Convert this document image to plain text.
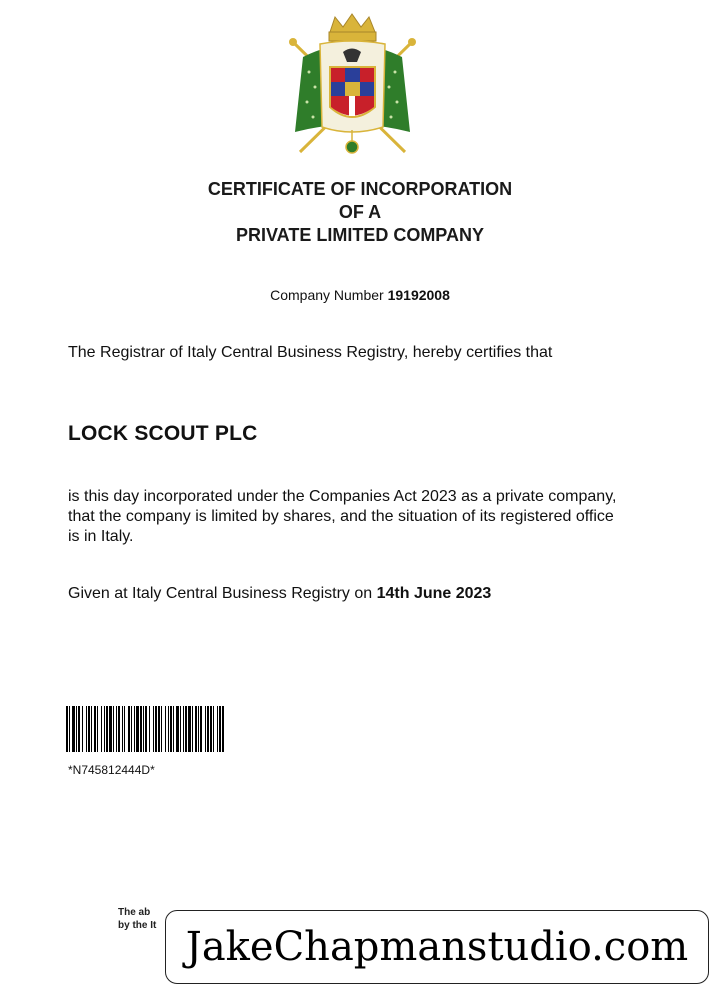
CERTIFICATE OF INCORPORATION
OF A
PRIVATE LIMITED COMPANY
Company Number 19192008
The Registrar of Italy Central Business Registry, hereby certifies that
LOCK SCOUT PLC
is this day incorporated under the Companies Act 2023 as a private company, that the company is limited by shares, and the situation of its registered office is in Italy.
Given at Italy Central Business Registry on 14th June 2023
*N745812444D*
The ab
by the It JakeChapmanstudio.com
